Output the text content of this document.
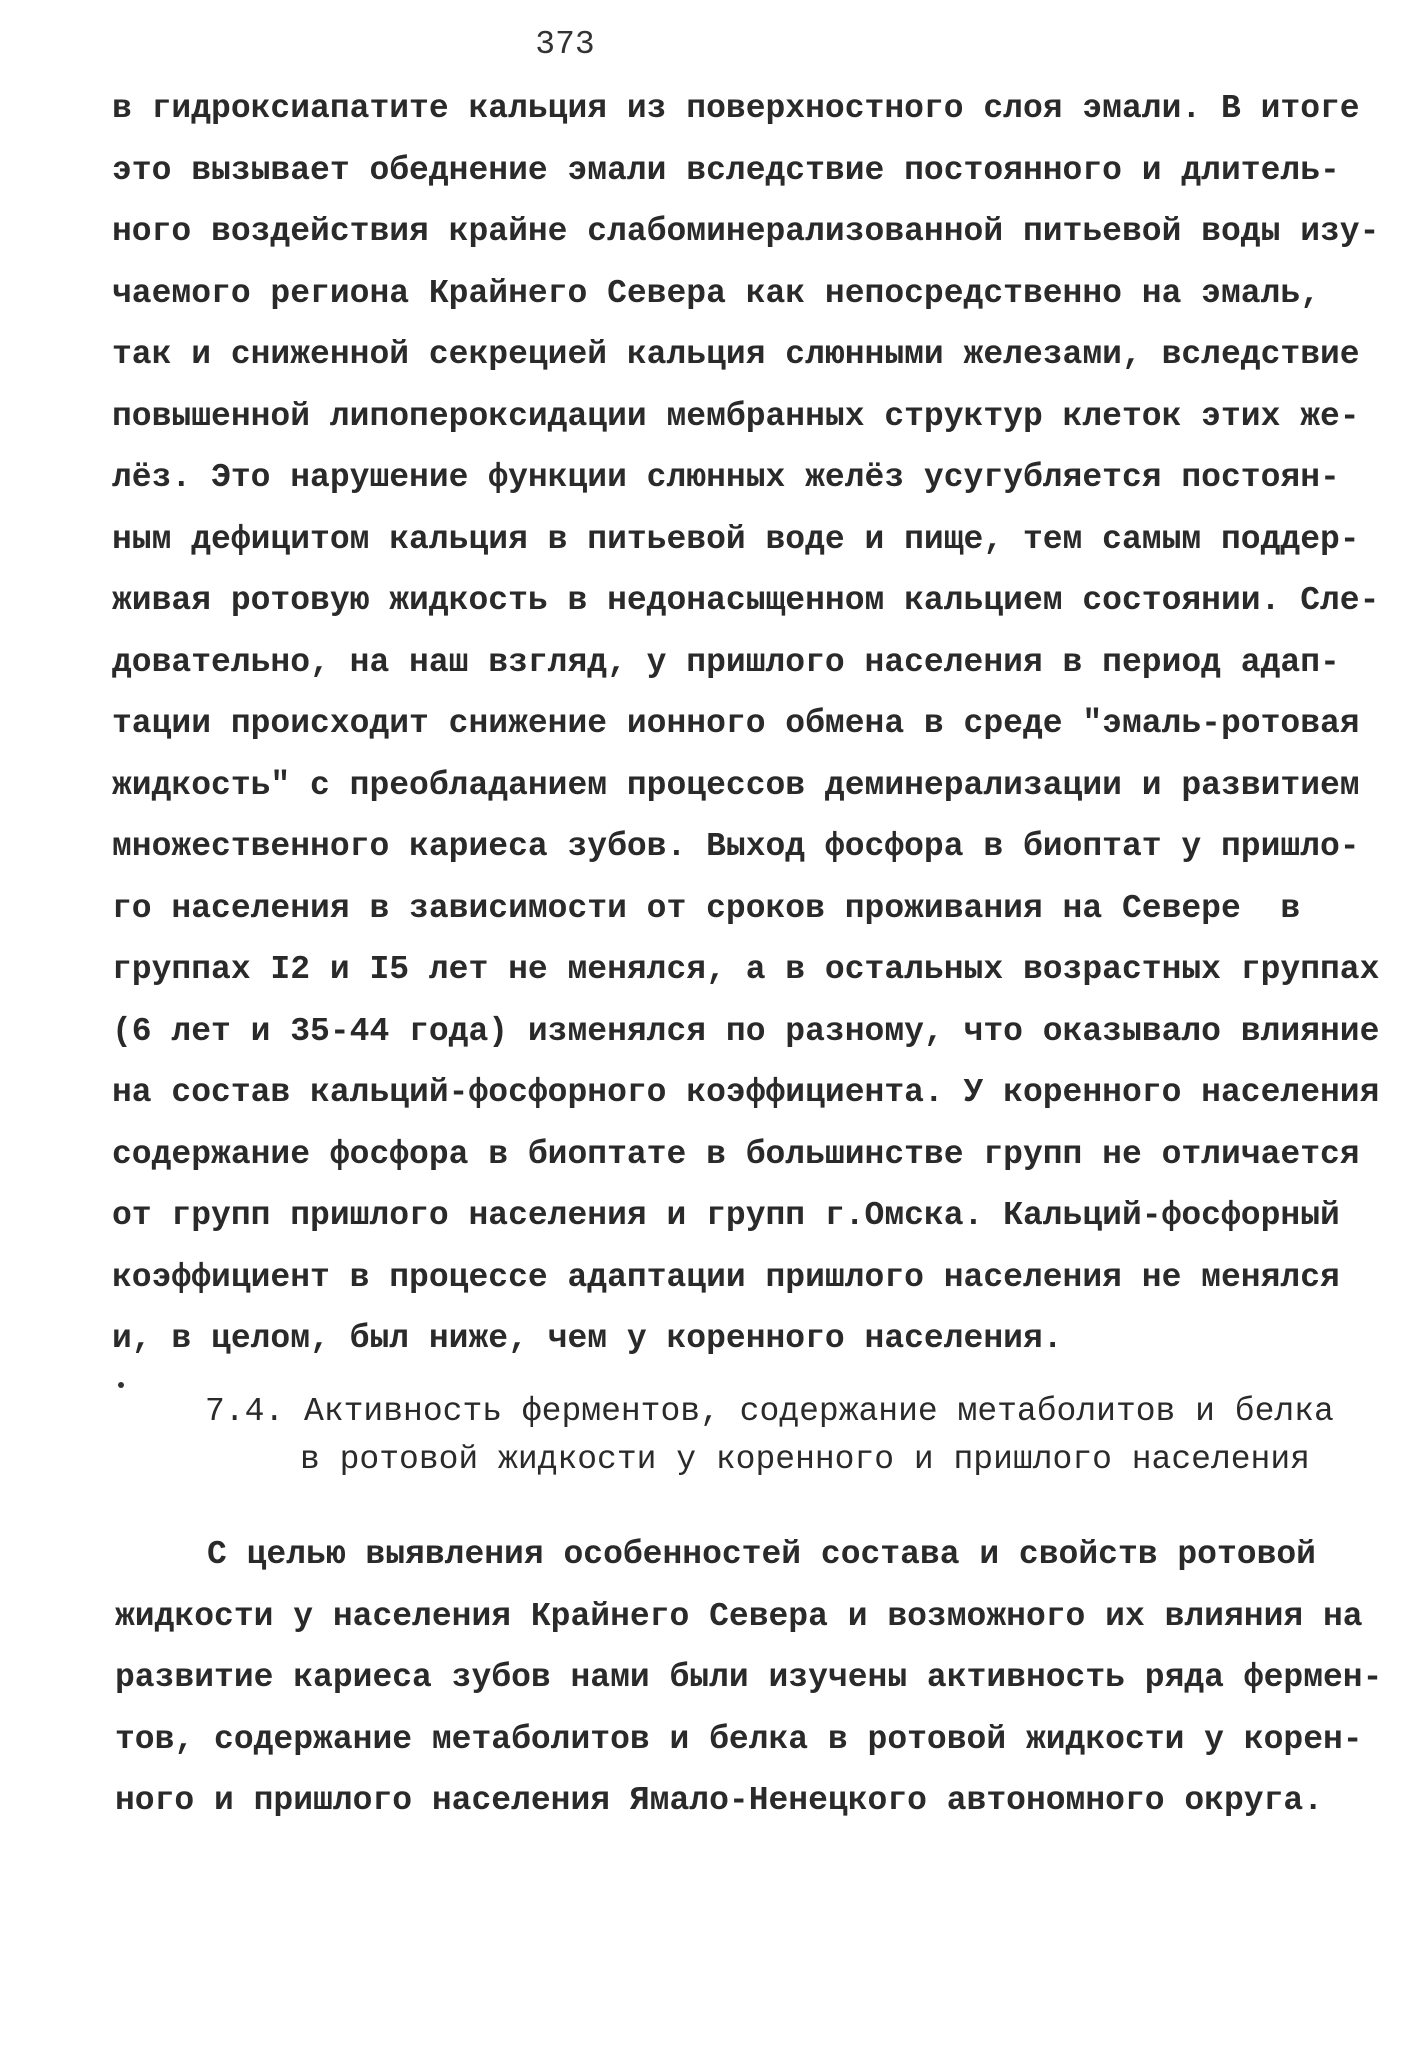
373
в гидроксиапатите кальция из поверхностного слоя эмали. В итоге
это вызывает обеднение эмали вследствие постоянного и длитель-
ного воздействия крайне слабоминерализованной питьевой воды изу-
чаемого региона Крайнего Севера как непосредственно на эмаль,
так и сниженной секрецией кальция слюнными железами, вследствие
повышенной липопероксидации мембранных структур клеток этих же-
лёз. Это нарушение функции слюнных желёз усугубляется постоян-
ным дефицитом кальция в питьевой воде и пище, тем самым поддер-
живая ротовую жидкость в недонасыщенном кальцием состоянии. Сле-
довательно, на наш взгляд, у пришлого населения в период адап-
тации происходит снижение ионного обмена в среде "эмаль-ротовая
жидкость" с преобладанием процессов деминерализации и развитием
множественного кариеса зубов. Выход фосфора в биоптат у пришло-
го населения в зависимости от сроков проживания на Севере  в
группах I2 и I5 лет не менялся, а в остальных возрастных группах
(6 лет и 35-44 года) изменялся по разному, что оказывало влияние
на состав кальций-фосфорного коэффициента. У коренного населения
содержание фосфора в биоптате в большинстве групп не отличается
от групп пришлого населения и групп г.Омска. Кальций-фосфорный
коэффициент в процессе адаптации пришлого населения не менялся
и, в целом, был ниже, чем у коренного населения.
7.4. Активность ферментов, содержание метаболитов и белка
в ротовой жидкости у коренного и пришлого населения
С целью выявления особенностей состава и свойств ротовой
жидкости у населения Крайнего Севера и возможного их влияния на
развитие кариеса зубов нами были изучены активность ряда фермен-
тов, содержание метаболитов и белка в ротовой жидкости у корен-
ного и пришлого населения Ямало-Ненецкого автономного округа.
